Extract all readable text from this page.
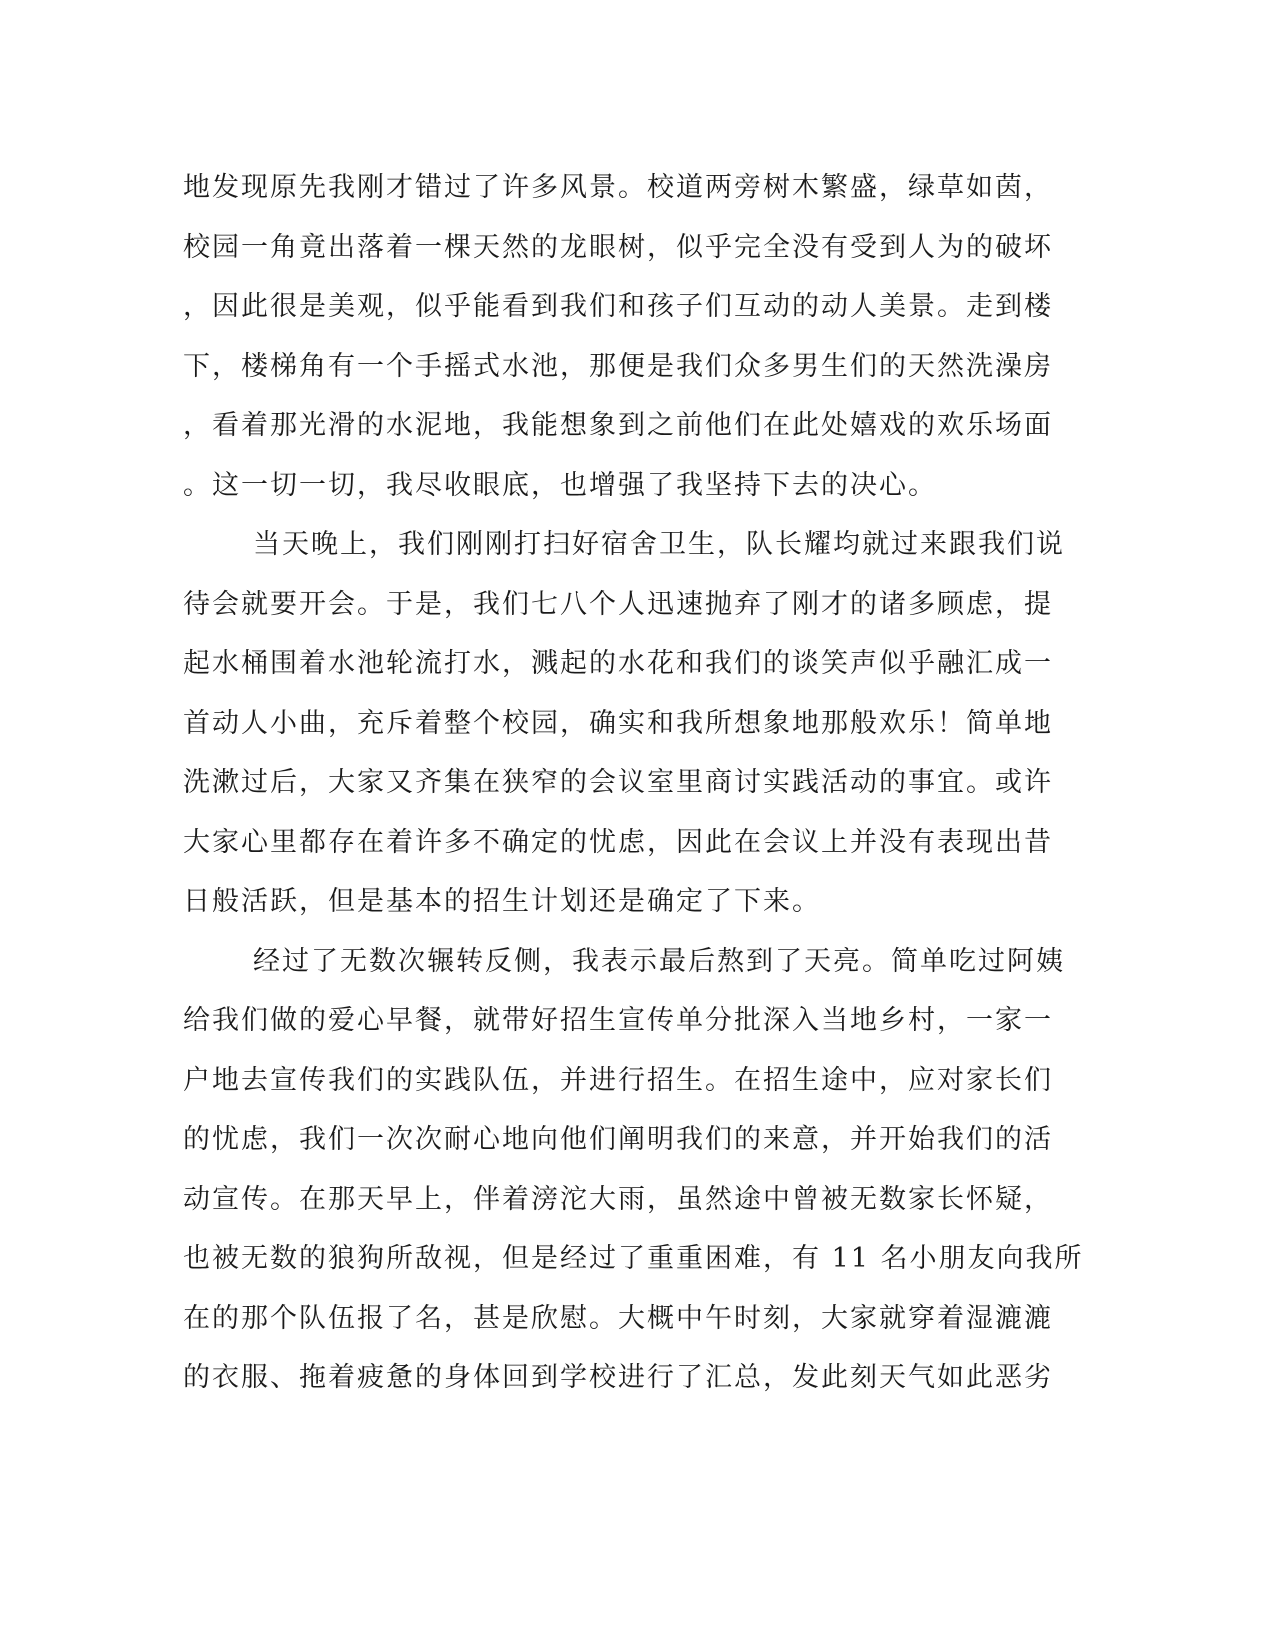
地发现原先我刚才错过了许多风景。校道两旁树木繁盛，绿草如茵，
校园一角竟出落着一棵天然的龙眼树，似乎完全没有受到人为的破坏
，因此很是美观，似乎能看到我们和孩子们互动的动人美景。走到楼
下，楼梯角有一个手摇式水池，那便是我们众多男生们的天然洗澡房
，看着那光滑的水泥地，我能想象到之前他们在此处嬉戏的欢乐场面
。这一切一切，我尽收眼底，也增强了我坚持下去的决心。
当天晚上，我们刚刚打扫好宿舍卫生，队长耀均就过来跟我们说
待会就要开会。于是，我们七八个人迅速抛弃了刚才的诸多顾虑，提
起水桶围着水池轮流打水，溅起的水花和我们的谈笑声似乎融汇成一
首动人小曲，充斥着整个校园，确实和我所想象地那般欢乐！简单地
洗漱过后，大家又齐集在狭窄的会议室里商讨实践活动的事宜。或许
大家心里都存在着许多不确定的忧虑，因此在会议上并没有表现出昔
日般活跃，但是基本的招生计划还是确定了下来。
经过了无数次辗转反侧，我表示最后熬到了天亮。简单吃过阿姨
给我们做的爱心早餐，就带好招生宣传单分批深入当地乡村，一家一
户地去宣传我们的实践队伍，并进行招生。在招生途中，应对家长们
的忧虑，我们一次次耐心地向他们阐明我们的来意，并开始我们的活
动宣传。在那天早上，伴着滂沱大雨，虽然途中曾被无数家长怀疑，
也被无数的狼狗所敌视，但是经过了重重困难，有 11 名小朋友向我所
在的那个队伍报了名，甚是欣慰。大概中午时刻，大家就穿着湿漉漉
的衣服、拖着疲惫的身体回到学校进行了汇总，发此刻天气如此恶劣
